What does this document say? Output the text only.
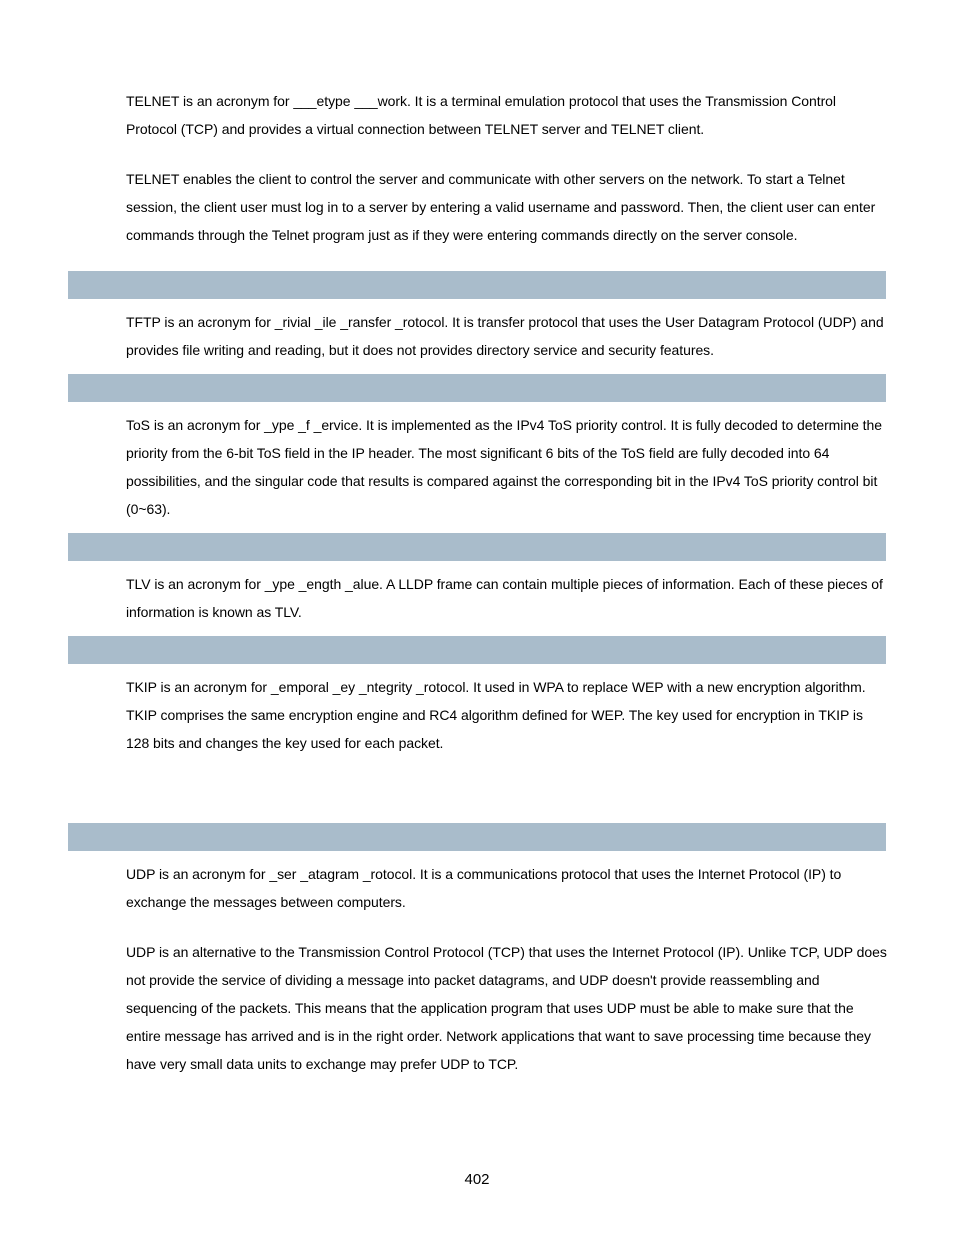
TELNET is an acronym for ___etype ___work. It is a terminal emulation protocol that uses the Transmission Control Protocol (TCP) and provides a virtual connection between TELNET server and TELNET client.

TELNET enables the client to control the server and communicate with other servers on the network. To start a Telnet session, the client user must log in to a server by entering a valid username and password. Then, the client user can enter commands through the Telnet program just as if they were entering commands directly on the server console.

TFTP is an acronym for _rivial _ile _ransfer _rotocol. It is transfer protocol that uses the User Datagram Protocol (UDP) and provides file writing and reading, but it does not provides directory service and security features.

ToS is an acronym for _ype _f _ervice. It is implemented as the IPv4 ToS priority control. It is fully decoded to determine the priority from the 6-bit ToS field in the IP header. The most significant 6 bits of the ToS field are fully decoded into 64 possibilities, and the singular code that results is compared against the corresponding bit in the IPv4 ToS priority control bit (0~63).

TLV is an acronym for _ype _ength _alue. A LLDP frame can contain multiple pieces of information. Each of these pieces of information is known as TLV.

TKIP is an acronym for _emporal _ey _ntegrity _rotocol. It used in WPA to replace WEP with a new encryption algorithm. TKIP comprises the same encryption engine and RC4 algorithm defined for WEP. The key used for encryption in TKIP is 128 bits and changes the key used for each packet.

UDP is an acronym for _ser _atagram _rotocol. It is a communications protocol that uses the Internet Protocol (IP) to exchange the messages between computers.

UDP is an alternative to the Transmission Control Protocol (TCP) that uses the Internet Protocol (IP). Unlike TCP, UDP does not provide the service of dividing a message into packet datagrams, and UDP doesn't provide reassembling and sequencing of the packets. This means that the application program that uses UDP must be able to make sure that the entire message has arrived and is in the right order. Network applications that want to save processing time because they have very small data units to exchange may prefer UDP to TCP.

402
